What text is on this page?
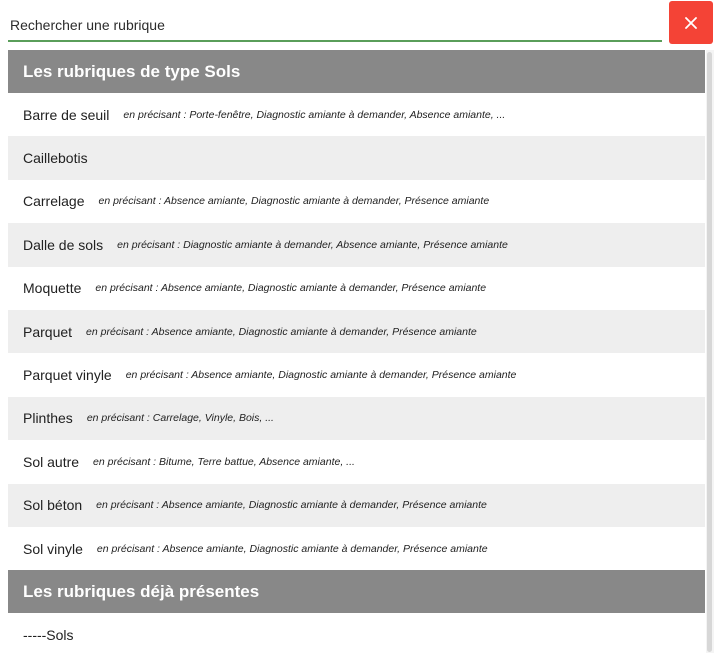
Rechercher une rubrique
Les rubriques de type Sols
Barre de seuil en précisant : Porte-fenêtre, Diagnostic amiante à demander, Absence amiante, ...
Caillebotis
Carrelage en précisant : Absence amiante, Diagnostic amiante à demander, Présence amiante
Dalle de sols en précisant : Diagnostic amiante à demander, Absence amiante, Présence amiante
Moquette en précisant : Absence amiante, Diagnostic amiante à demander, Présence amiante
Parquet en précisant : Absence amiante, Diagnostic amiante à demander, Présence amiante
Parquet vinyle en précisant : Absence amiante, Diagnostic amiante à demander, Présence amiante
Plinthes en précisant : Carrelage, Vinyle, Bois, ...
Sol autre en précisant : Bitume, Terre battue, Absence amiante, ...
Sol béton en précisant : Absence amiante, Diagnostic amiante à demander, Présence amiante
Sol vinyle en précisant : Absence amiante, Diagnostic amiante à demander, Présence amiante
Les rubriques déjà présentes
-----Sols
